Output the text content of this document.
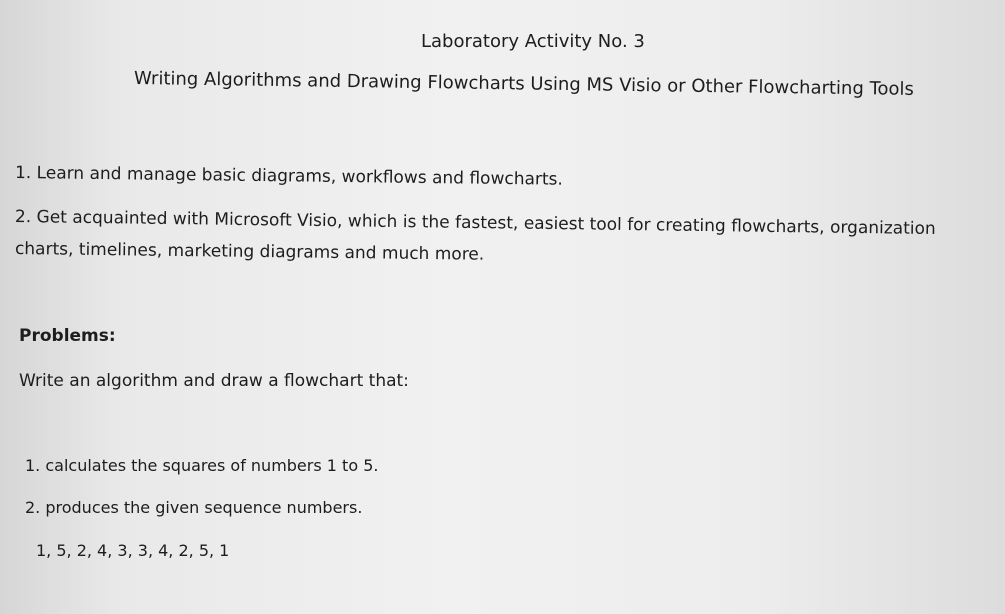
Laboratory Activity No. 3
Writing Algorithms and Drawing Flowcharts Using MS Visio or Other Flowcharting Tools
1. Learn and manage basic diagrams, workflows and flowcharts.
2. Get acquainted with Microsoft Visio, which is the fastest, easiest tool for creating flowcharts, organization
charts, timelines, marketing diagrams and much more.
Problems:
Write an algorithm and draw a flowchart that:
1. calculates the squares of numbers 1 to 5.
2. produces the given sequence numbers.
1, 5, 2, 4, 3, 3, 4, 2, 5, 1
